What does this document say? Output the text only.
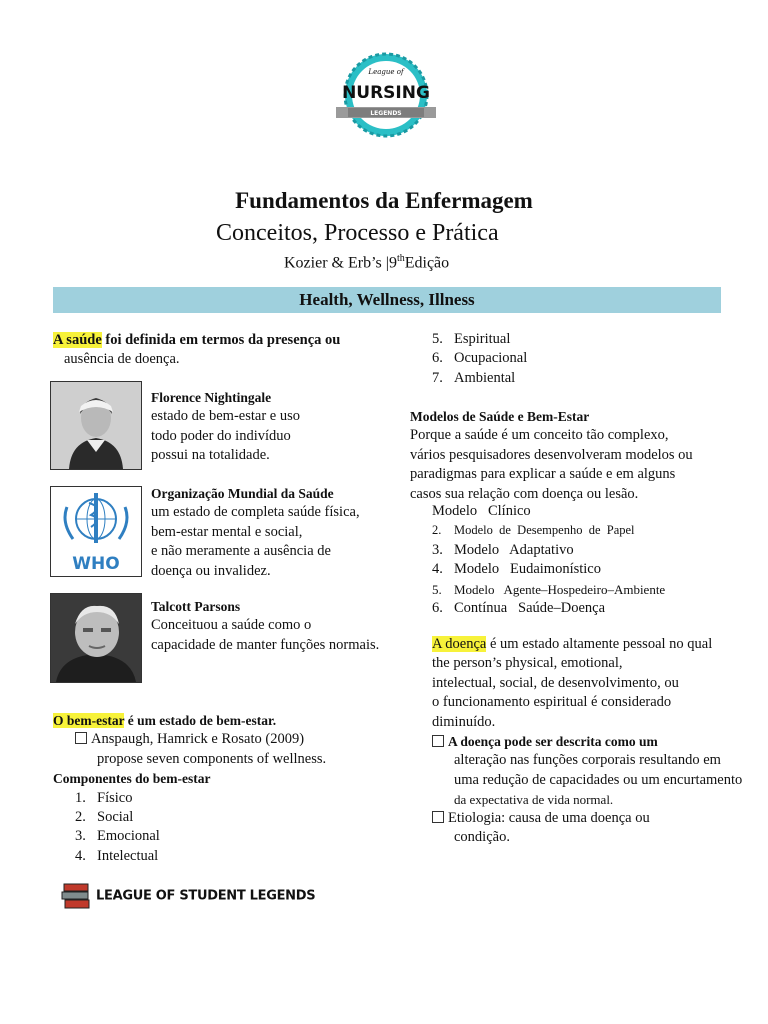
League of
NURSING
LEGENDS
Fundamentos da Enfermagem
Conceitos, Processo e Prática
Kozier & Erb’s |9thEdição
Health, Wellness, Illness
A saúde foi definida em termos da presença ou
ausência de doença.
Florence Nightingale
estado de bem-estar e uso
todo poder do indivíduo
possui na totalidade.
WHO
Organização Mundial da Saúde
um estado de completa saúde física,
bem-estar mental e social,
e não meramente a ausência de
doença ou invalidez.
Talcott Parsons
Conceituou a saúde como o
capacidade de manter funções normais.
O bem-estar é um estado de bem-estar.
Anspaugh, Hamrick e Rosato (2009)
propose seven components of wellness.
Componentes do bem-estar
1. Físico
2. Social
3. Emocional
4. Intelectual
LEAGUE OF STUDENT LEGENDS
5. Espiritual
6. Ocupacional
7. Ambiental
Modelos de Saúde e Bem-Estar
Porque a saúde é um conceito tão complexo,
vários pesquisadores desenvolveram modelos ou
paradigmas para explicar a saúde e em alguns
casos sua relação com doença ou lesão.
Modelo   Clínico
2. Modelo  de  Desempenho  de  Papel
3. Modelo   Adaptativo
4. Modelo   Eudaimonístico
5. Modelo   Agente–Hospedeiro–Ambiente
6. Contínua   Saúde–Doença
A doença é um estado altamente pessoal no qual
the person’s physical, emotional,
intelectual, social, de desenvolvimento, ou
o funcionamento espiritual é considerado
diminuído.
A doença pode ser descrita como um
alteração nas funções corporais resultando em
uma redução de capacidades ou um encurtamento
da expectativa de vida normal.
Etiologia: causa de uma doença ou
condição.
